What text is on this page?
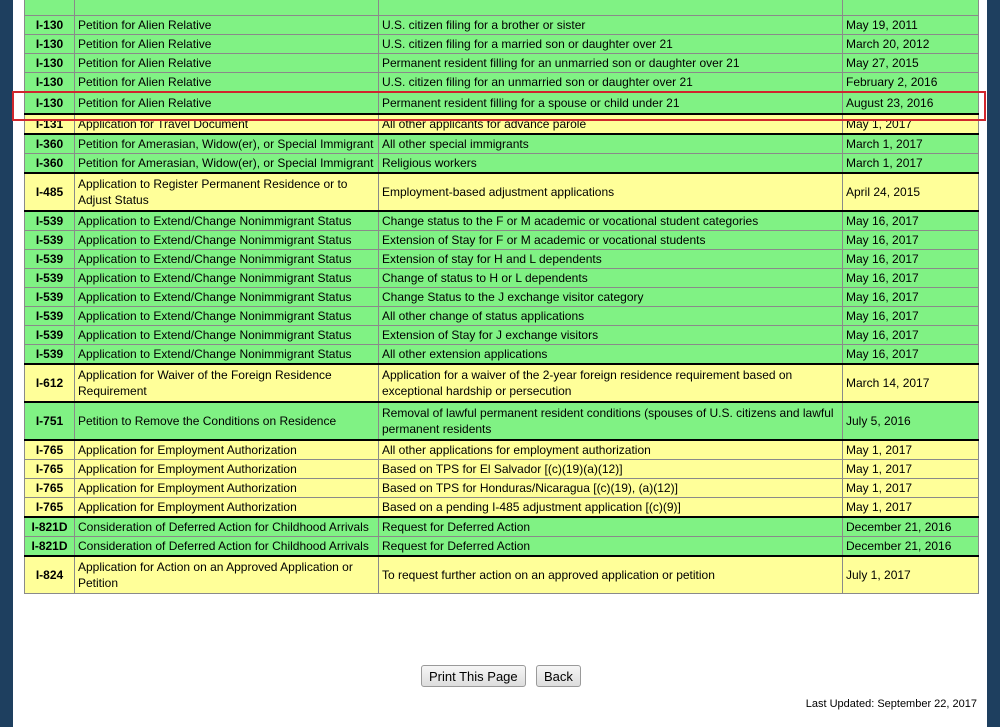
I-130	Petition for Alien Relative	U.S. citizen filing for a brother or sister	May 19, 2011
I-130	Petition for Alien Relative	U.S. citizen filing for a married son or daughter over 21	March 20, 2012
I-130	Petition for Alien Relative	Permanent resident filling for an unmarried son or daughter over 21	May 27, 2015
I-130	Petition for Alien Relative	U.S. citizen filing for an unmarried son or daughter over 21	February 2, 2016
I-130	Petition for Alien Relative	Permanent resident filling for a spouse or child under 21	August 23, 2016
I-131	Application for Travel Document	All other applicants for advance parole	May 1, 2017
I-360	Petition for Amerasian, Widow(er), or Special Immigrant	All other special immigrants	March 1, 2017
I-360	Petition for Amerasian, Widow(er), or Special Immigrant	Religious workers	March 1, 2017
I-485	Application to Register Permanent Residence or to Adjust Status	Employment-based adjustment applications	April 24, 2015
I-539	Application to Extend/Change Nonimmigrant Status	Change status to the F or M academic or vocational student categories	May 16, 2017
I-539	Application to Extend/Change Nonimmigrant Status	Extension of Stay for F or M academic or vocational students	May 16, 2017
I-539	Application to Extend/Change Nonimmigrant Status	Extension of stay for H and L dependents	May 16, 2017
I-539	Application to Extend/Change Nonimmigrant Status	Change of status to H or L dependents	May 16, 2017
I-539	Application to Extend/Change Nonimmigrant Status	Change Status to the J exchange visitor category	May 16, 2017
I-539	Application to Extend/Change Nonimmigrant Status	All other change of status applications	May 16, 2017
I-539	Application to Extend/Change Nonimmigrant Status	Extension of Stay for J exchange visitors	May 16, 2017
I-539	Application to Extend/Change Nonimmigrant Status	All other extension applications	May 16, 2017
I-612	Application for Waiver of the Foreign Residence Requirement	Application for a waiver of the 2-year foreign residence requirement based on exceptional hardship or persecution	March 14, 2017
I-751	Petition to Remove the Conditions on Residence	Removal of lawful permanent resident conditions (spouses of U.S. citizens and lawful permanent residents	July 5, 2016
I-765	Application for Employment Authorization	All other applications for employment authorization	May 1, 2017
I-765	Application for Employment Authorization	Based on TPS for El Salvador [(c)(19)(a)(12)]	May 1, 2017
I-765	Application for Employment Authorization	Based on TPS for Honduras/Nicaragua [(c)(19), (a)(12)]	May 1, 2017
I-765	Application for Employment Authorization	Based on a pending I-485 adjustment application [(c)(9)]	May 1, 2017
I-821D	Consideration of Deferred Action for Childhood Arrivals	Request for Deferred Action	December 21, 2016
I-821D	Consideration of Deferred Action for Childhood Arrivals	Request for Deferred Action	December 21, 2016
I-824	Application for Action on an Approved Application or Petition	To request further action on an approved application or petition	July 1, 2017
Print This Page	Back
Last Updated: September 22, 2017
